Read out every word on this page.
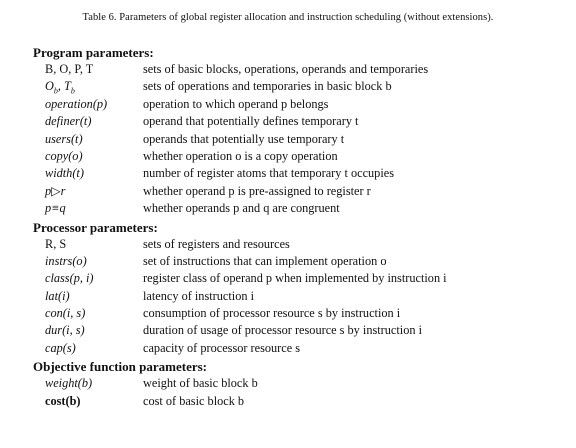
Table 6. Parameters of global register allocation and instruction scheduling (without extensions).
Program parameters:
B, O, P, T	sets of basic blocks, operations, operands and temporaries
$O_b$, $T_b$	sets of operations and temporaries in basic block b
operation(p)	operation to which operand p belongs
definer(t)	operand that potentially defines temporary t
users(t)	operands that potentially use temporary t
copy(o)	whether operation o is a copy operation
width(t)	number of register atoms that temporary t occupies
p▷r	whether operand p is pre-assigned to register r
p≡q	whether operands p and q are congruent
Processor parameters:
R, S	sets of registers and resources
instrs(o)	set of instructions that can implement operation o
class(p, i)	register class of operand p when implemented by instruction i
lat(i)	latency of instruction i
con(i, s)	consumption of processor resource s by instruction i
dur(i, s)	duration of usage of processor resource s by instruction i
cap(s)	capacity of processor resource s
Objective function parameters:
weight(b)	weight of basic block b
cost(b)	cost of basic block b
